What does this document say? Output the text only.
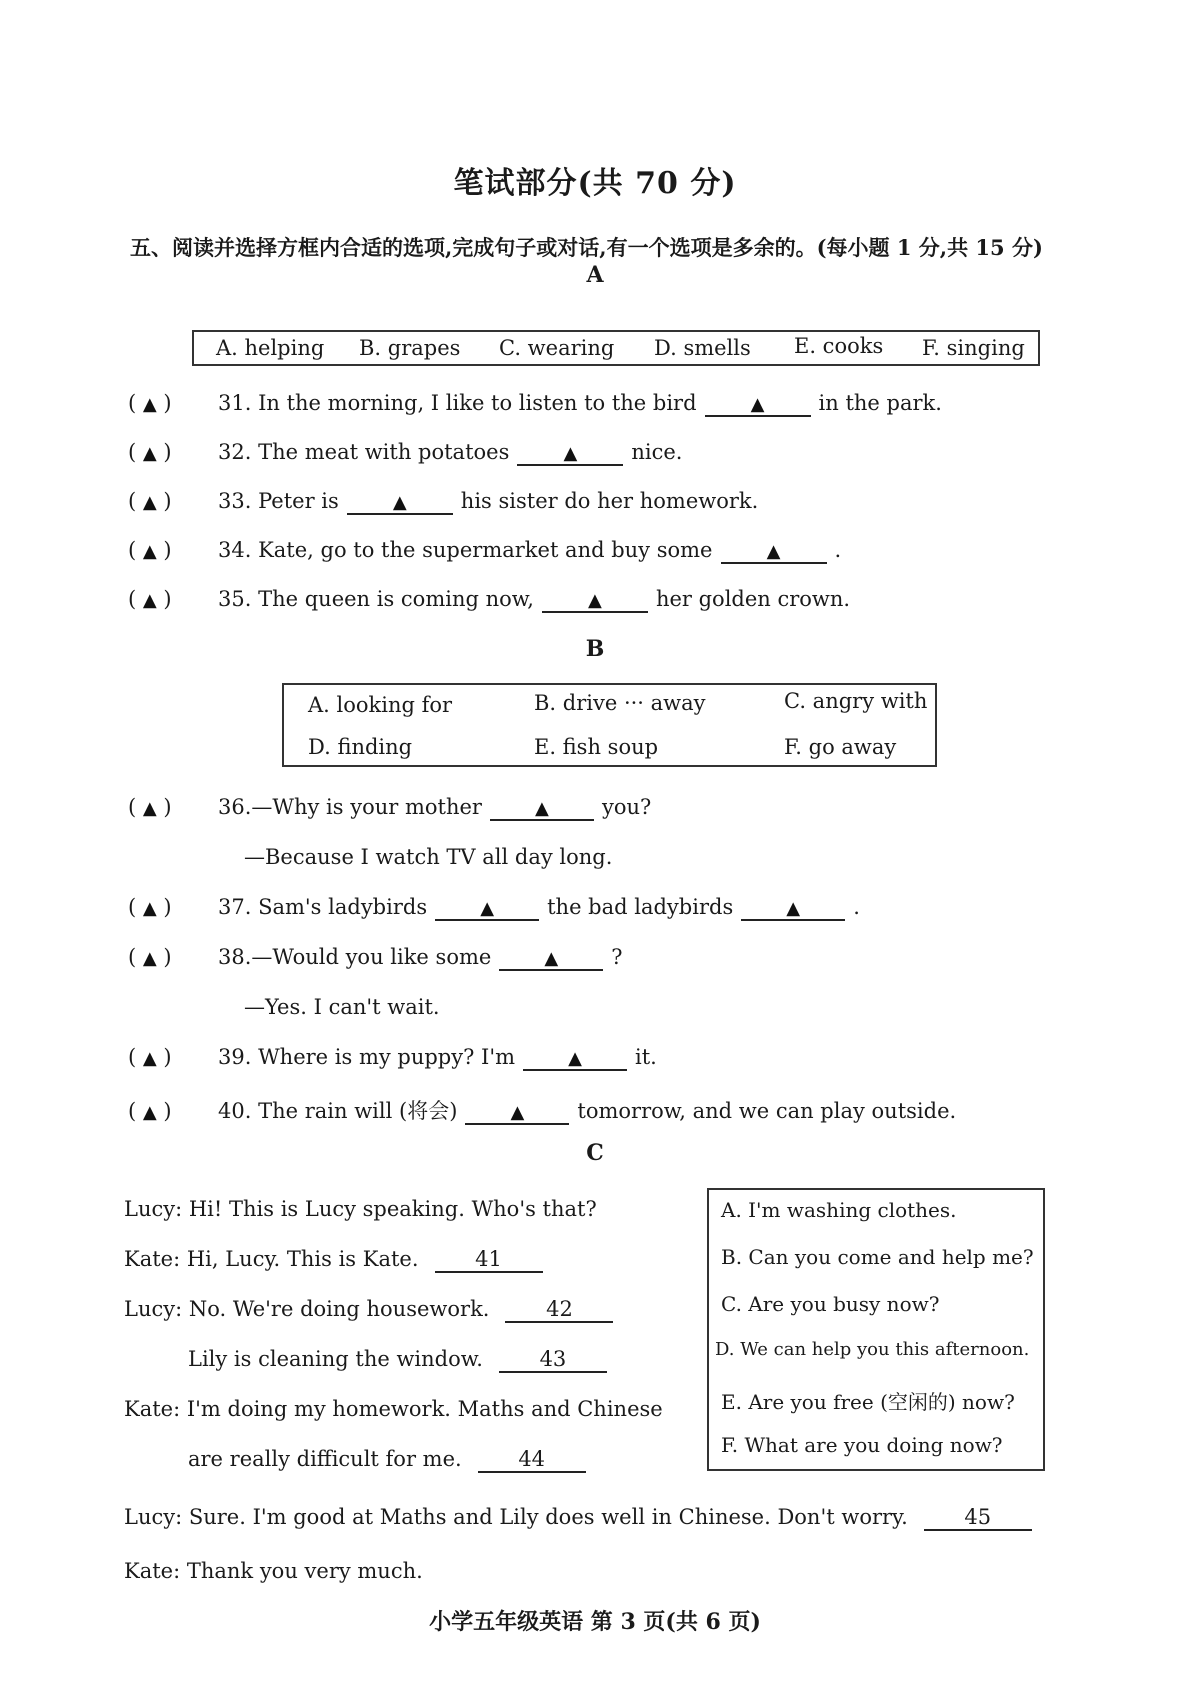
笔试部分(共 70 分)
五、阅读并选择方框内合适的选项,完成句子或对话,有一个选项是多余的。(每小题 1 分,共 15 分)
A
A. helping B. grapes C. wearing D. smells E. cooks F. singing
( ▲ ) 31. In the morning, I like to listen to the bird	▲	in the park.
( ▲ ) 32. The meat with potatoes	▲	nice.
( ▲ ) 33. Peter is	▲	his sister do her homework.
( ▲ ) 34. Kate, go to the supermarket and buy some	▲	.
( ▲ ) 35. The queen is coming now,	▲	her golden crown.
B
A. looking for	B. drive ··· away	C. angry with
D. finding	E. fish soup	F. go away
( ▲ ) 36.—Why is your mother	▲	you?
—Because I watch TV all day long.
( ▲ ) 37. Sam's ladybirds	▲	the bad ladybirds	▲	.
( ▲ ) 38.—Would you like some	▲	?
—Yes. I can't wait.
( ▲ ) 39. Where is my puppy? I'm	▲	it.
( ▲ ) 40. The rain will (将会)	▲	tomorrow, and we can play outside.
C
Lucy: Hi! This is Lucy speaking. Who's that?
Kate: Hi, Lucy. This is Kate.	41
Lucy: No. We're doing housework.	42
Lily is cleaning the window.	43
Kate: I'm doing my homework. Maths and Chinese
are really difficult for me.	44
Lucy: Sure. I'm good at Maths and Lily does well in Chinese. Don't worry.	45
Kate: Thank you very much.
A. I'm washing clothes.
B. Can you come and help me?
C. Are you busy now?
D. We can help you this afternoon.
E. Are you free (空闲的) now?
F. What are you doing now?
小学五年级英语 第 3 页(共 6 页)
